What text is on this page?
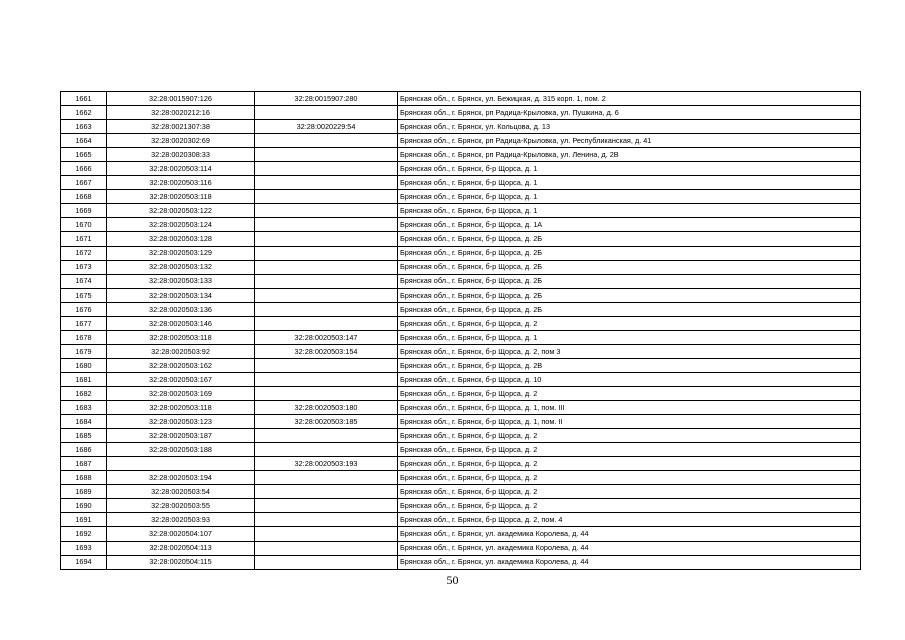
1661	32:28:0015907:126	32:28:0015907:280	Брянская обл., г. Брянск, ул. Бежицкая, д. 315 корп. 1, пом. 2
1662	32:28:0020212:16		Брянская обл., г. Брянск, рп Радица-Крыловка, ул. Пушкина, д. 6
1663	32:28:0021307:38	32:28:0020229:54	Брянская обл., г. Брянск, ул. Кольцова, д. 13
1664	32:28:0020302:69		Брянская обл., г. Брянск, рп Радица-Крыловка, ул. Республиканская, д. 41
1665	32:28:0020308:33		Брянская обл., г. Брянск, рп Радица-Крыловка, ул. Ленина, д. 2В
1666	32:28:0020503:114		Брянская обл., г. Брянск, б-р Щорса, д. 1
1667	32:28:0020503:116		Брянская обл., г. Брянск, б-р Щорса, д. 1
1668	32:28:0020503:118		Брянская обл., г. Брянск, б-р Щорса, д. 1
1669	32:28:0020503:122		Брянская обл., г. Брянск, б-р Щорса, д. 1
1670	32:28:0020503:124		Брянская обл., г. Брянск, б-р Щорса, д. 1А
1671	32:28:0020503:128		Брянская обл., г. Брянск, б-р Щорса, д. 2Б
1672	32:28:0020503:129		Брянская обл., г. Брянск, б-р Щорса, д. 2Б
1673	32:28:0020503:132		Брянская обл., г. Брянск, б-р Щорса, д. 2Б
1674	32:28:0020503:133		Брянская обл., г. Брянск, б-р Щорса, д. 2Б
1675	32:28:0020503:134		Брянская обл., г. Брянск, б-р Щорса, д. 2Б
1676	32:28:0020503:136		Брянская обл., г. Брянск, б-р Щорса, д. 2Б
1677	32:28:0020503:146		Брянская обл., г. Брянск, б-р Щорса, д. 2
1678	32:28:0020503:118	32:28:0020503:147	Брянская обл., г. Брянск, б-р Щорса, д. 1
1679	32:28:0020503:92	32:28:0020503:154	Брянская обл., г. Брянск, б-р Щорса, д. 2, пом 3
1680	32:28:0020503:162		Брянская обл., г. Брянск, б-р Щорса, д. 2В
1681	32:28:0020503:167		Брянская обл., г. Брянск, б-р Щорса, д. 10
1682	32:28:0020503:169		Брянская обл., г. Брянск, б-р Щорса, д. 2
1683	32:28:0020503:118	32:28:0020503:180	Брянская обл., г. Брянск, б-р Щорса, д. 1, пом. III
1684	32:28:0020503:123	32:28:0020503:185	Брянская обл., г. Брянск, б-р Щорса, д. 1, пом. II
1685	32:28:0020503:187		Брянская обл., г. Брянск, б-р Щорса, д. 2
1686	32:28:0020503:188		Брянская обл., г. Брянск, б-р Щорса, д. 2
1687		32:28:0020503:193	Брянская обл., г. Брянск, б-р Щорса, д. 2
1688	32:28:0020503:194		Брянская обл., г. Брянск, б-р Щорса, д. 2
1689	32:28:0020503:54		Брянская обл., г. Брянск, б-р Щорса, д. 2
1690	32:28:0020503:55		Брянская обл., г. Брянск, б-р Щорса, д. 2
1691	32:28:0020503:93		Брянская обл., г. Брянск, б-р Щорса, д. 2, пом. 4
1692	32:28:0020504:107		Брянская обл., г. Брянск, ул. академика Королева, д. 44
1693	32:28:0020504:113		Брянская обл., г. Брянск, ул. академика Королева, д. 44
1694	32:28:0020504:115		Брянская обл., г. Брянск, ул. академика Королева, д. 44
50
